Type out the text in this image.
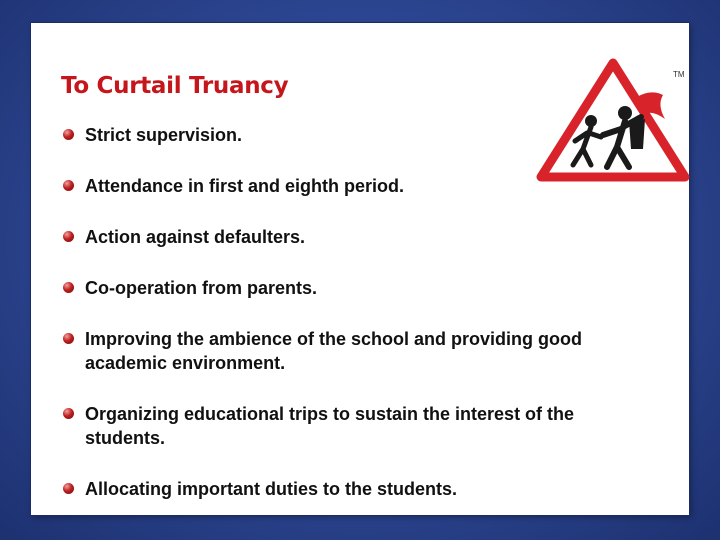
To Curtail Truancy	TM
Strict supervision.
Attendance in first and eighth period.
Action against defaulters.
Co-operation from parents.
Improving the ambience of the school and providing good academic environment.
Organizing educational trips to sustain the interest of the students.
Allocating important duties to the students.
